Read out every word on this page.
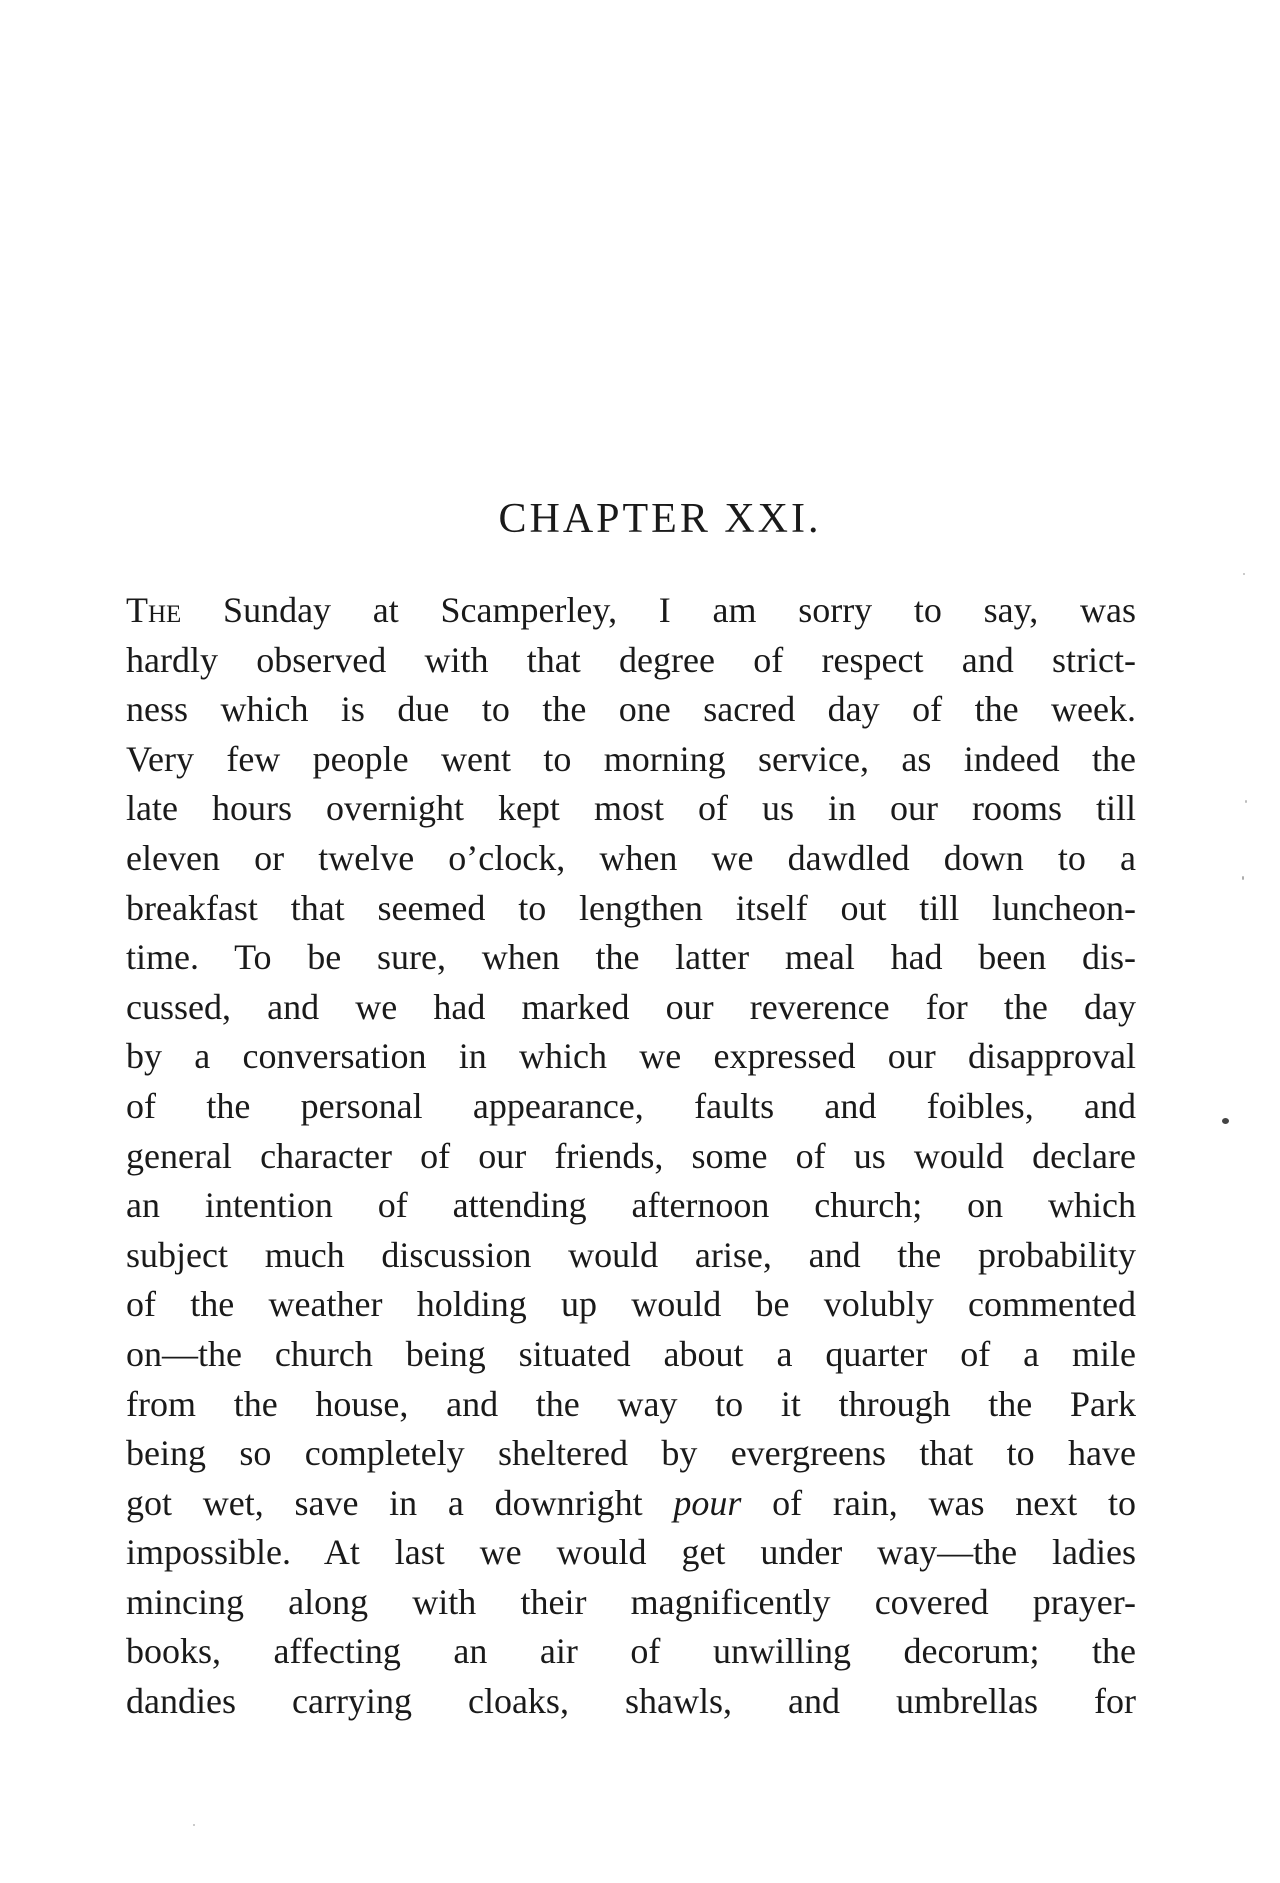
CHAPTER XXI.
The Sunday at Scamperley, I am sorry to say, was
hardly observed with that degree of respect and strict-
ness which is due to the one sacred day of the week.
Very few people went to morning service, as indeed the
late hours overnight kept most of us in our rooms till
eleven or twelve o’clock, when we dawdled down to a
breakfast that seemed to lengthen itself out till luncheon-
time. To be sure, when the latter meal had been dis-
cussed, and we had marked our reverence for the day
by a conversation in which we expressed our disapproval
of the personal appearance, faults and foibles, and
general character of our friends, some of us would declare
an intention of attending afternoon church; on which
subject much discussion would arise, and the probability
of the weather holding up would be volubly commented
on—the church being situated about a quarter of a mile
from the house, and the way to it through the Park
being so completely sheltered by evergreens that to have
got wet, save in a downright pour of rain, was next to
impossible. At last we would get under way—the ladies
mincing along with their magnificently covered prayer-
books, affecting an air of unwilling decorum; the
dandies carrying cloaks, shawls, and umbrellas for
